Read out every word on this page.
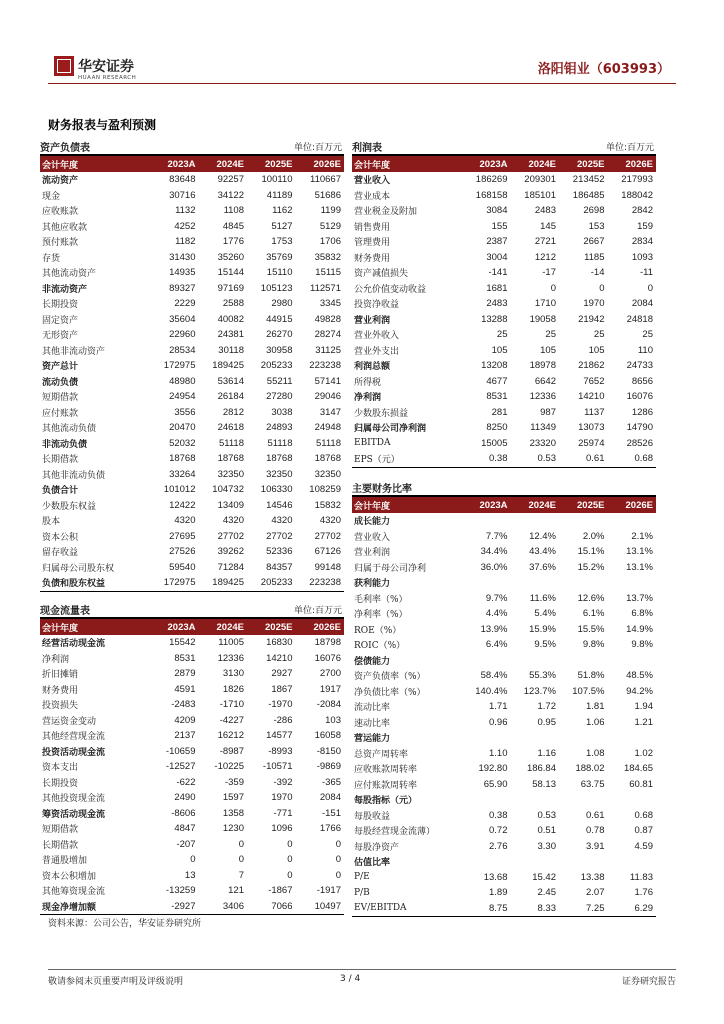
华安证券
HUAAN RESEARCH
洛阳钼业（603993）
财务报表与盈利预测
资产负债表	单位:百万元
会计年度	2023A	2024E	2025E	2026E
流动资产	83648	92257	100110	110667
现金	30716	34122	41189	51686
应收账款	1132	1108	1162	1199
其他应收款	4252	4845	5127	5129
预付账款	1182	1776	1753	1706
存货	31430	35260	35769	35832
其他流动资产	14935	15144	15110	15115
非流动资产	89327	97169	105123	112571
长期投资	2229	2588	2980	3345
固定资产	35604	40082	44915	49828
无形资产	22960	24381	26270	28274
其他非流动资产	28534	30118	30958	31125
资产总计	172975	189425	205233	223238
流动负债	48980	53614	55211	57141
短期借款	24954	26184	27280	29046
应付账款	3556	2812	3038	3147
其他流动负债	20470	24618	24893	24948
非流动负债	52032	51118	51118	51118
长期借款	18768	18768	18768	18768
其他非流动负债	33264	32350	32350	32350
负债合计	101012	104732	106330	108259
少数股东权益	12422	13409	14546	15832
股本	4320	4320	4320	4320
资本公积	27695	27702	27702	27702
留存收益	27526	39262	52336	67126
归属母公司股东权	59540	71284	84357	99148
负债和股东权益	172975	189425	205233	223238
利润表	单位:百万元
会计年度	2023A	2024E	2025E	2026E
营业收入	186269	209301	213452	217993
营业成本	168158	185101	186485	188042
营业税金及附加	3084	2483	2698	2842
销售费用	155	145	153	159
管理费用	2387	2721	2667	2834
财务费用	3004	1212	1185	1093
资产减值损失	-141	-17	-14	-11
公允价值变动收益	1681	0	0	0
投资净收益	2483	1710	1970	2084
营业利润	13288	19058	21942	24818
营业外收入	25	25	25	25
营业外支出	105	105	105	110
利润总额	13208	18978	21862	24733
所得税	4677	6642	7652	8656
净利润	8531	12336	14210	16076
少数股东损益	281	987	1137	1286
归属母公司净利润	8250	11349	13073	14790
EBITDA	15005	23320	25974	28526
EPS（元）	0.38	0.53	0.61	0.68
现金流量表	单位:百万元
会计年度	2023A	2024E	2025E	2026E
经营活动现金流	15542	11005	16830	18798
净利润	8531	12336	14210	16076
折旧摊销	2879	3130	2927	2700
财务费用	4591	1826	1867	1917
投资损失	-2483	-1710	-1970	-2084
营运资金变动	4209	-4227	-286	103
其他经营现金流	2137	16212	14577	16058
投资活动现金流	-10659	-8987	-8993	-8150
资本支出	-12527	-10225	-10571	-9869
长期投资	-622	-359	-392	-365
其他投资现金流	2490	1597	1970	2084
筹资活动现金流	-8606	1358	-771	-151
短期借款	4847	1230	1096	1766
长期借款	-207	0	0	0
普通股增加	0	0	0	0
资本公积增加	13	7	0	0
其他筹资现金流	-13259	121	-1867	-1917
现金净增加额	-2927	3406	7066	10497
主要财务比率
会计年度	2023A	2024E	2025E	2026E
成长能力
营业收入	7.7%	12.4%	2.0%	2.1%
营业利润	34.4%	43.4%	15.1%	13.1%
归属于母公司净利	36.0%	37.6%	15.2%	13.1%
获利能力
毛利率（%）	9.7%	11.6%	12.6%	13.7%
净利率（%）	4.4%	5.4%	6.1%	6.8%
ROE（%）	13.9%	15.9%	15.5%	14.9%
ROIC（%）	6.4%	9.5%	9.8%	9.8%
偿债能力
资产负债率（%）	58.4%	55.3%	51.8%	48.5%
净负债比率（%）	140.4%	123.7%	107.5%	94.2%
流动比率	1.71	1.72	1.81	1.94
速动比率	0.96	0.95	1.06	1.21
营运能力
总资产周转率	1.10	1.16	1.08	1.02
应收账款周转率	192.80	186.84	188.02	184.65
应付账款周转率	65.90	58.13	63.75	60.81
每股指标（元）
每股收益	0.38	0.53	0.61	0.68
每股经营现金流薄）	0.72	0.51	0.78	0.87
每股净资产	2.76	3.30	3.91	4.59
估值比率
P/E	13.68	15.42	13.38	11.83
P/B	1.89	2.45	2.07	1.76
EV/EBITDA	8.75	8.33	7.25	6.29
资料来源：公司公告，华安证券研究所
敬请参阅末页重要声明及评级说明	3 / 4	证券研究报告
